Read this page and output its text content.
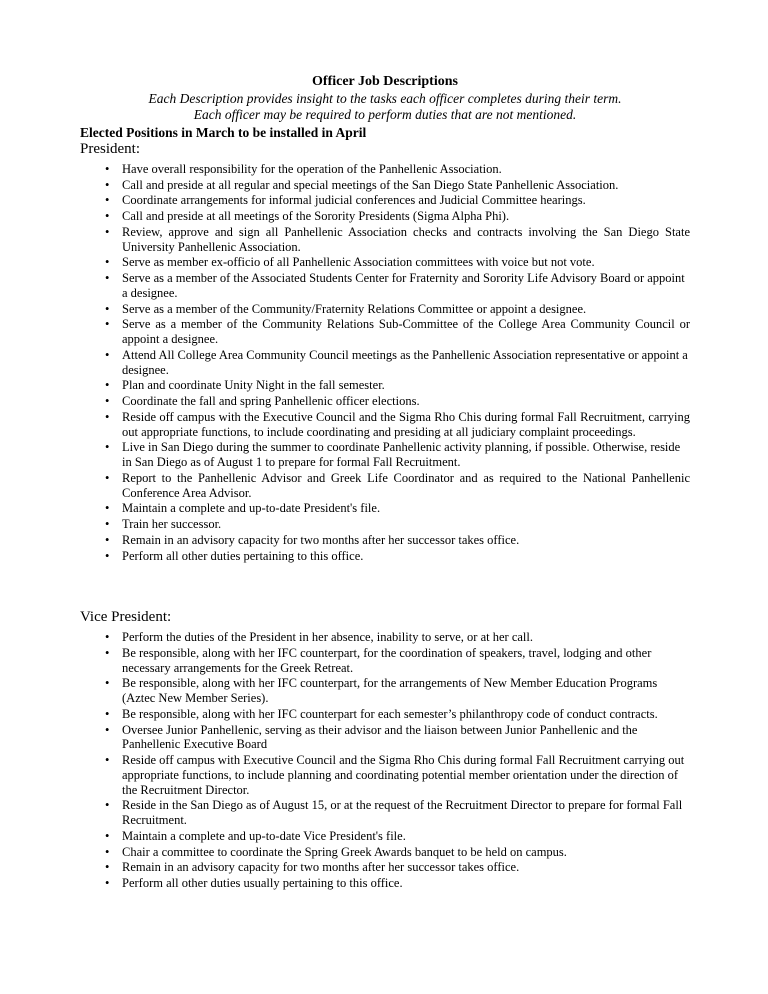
Officer Job Descriptions

Each Description provides insight to the tasks each officer completes during their term.

Each officer may be required to perform duties that are not mentioned.

Elected Positions in March to be installed in April
President:
• Have overall responsibility for the operation of the Panhellenic Association.
• Call and preside at all regular and special meetings of the San Diego State Panhellenic Association.
• Coordinate arrangements for informal judicial conferences and Judicial Committee hearings.
• Call and preside at all meetings of the Sorority Presidents (Sigma Alpha Phi).
• Review, approve and sign all Panhellenic Association checks and contracts involving the San Diego State University Panhellenic Association.
• Serve as member ex-officio of all Panhellenic Association committees with voice but not vote.
• Serve as a member of the Associated Students Center for Fraternity and Sorority Life Advisory Board or appoint a designee.
• Serve as a member of the Community/Fraternity Relations Committee or appoint a designee.
• Serve as a member of the Community Relations Sub-Committee of the College Area Community Council or appoint a designee.
• Attend All College Area Community Council meetings as the Panhellenic Association representative or appoint a designee.
• Plan and coordinate Unity Night in the fall semester.
• Coordinate the fall and spring Panhellenic officer elections.
• Reside off campus with the Executive Council and the Sigma Rho Chis during formal Fall Recruitment, carrying out appropriate functions, to include coordinating and presiding at all judiciary complaint proceedings.
• Live in San Diego during the summer to coordinate Panhellenic activity planning, if possible. Otherwise, reside in San Diego as of August 1 to prepare for formal Fall Recruitment.
• Report to the Panhellenic Advisor and Greek Life Coordinator and as required to the National Panhellenic Conference Area Advisor.
• Maintain a complete and up-to-date President's file.
• Train her successor.
• Remain in an advisory capacity for two months after her successor takes office.
• Perform all other duties pertaining to this office.
Vice President:
• Perform the duties of the President in her absence, inability to serve, or at her call.
• Be responsible, along with her IFC counterpart, for the coordination of speakers, travel, lodging and other necessary arrangements for the Greek Retreat.
• Be responsible, along with her IFC counterpart, for the arrangements of New Member Education Programs (Aztec New Member Series).
• Be responsible, along with her IFC counterpart for each semester’s philanthropy code of conduct contracts.
• Oversee Junior Panhellenic, serving as their advisor and the liaison between Junior Panhellenic and the Panhellenic Executive Board
• Reside off campus with Executive Council and the Sigma Rho Chis during formal Fall Recruitment carrying out appropriate functions, to include planning and coordinating potential member orientation under the direction of the Recruitment Director.
• Reside in the San Diego as of August 15, or at the request of the Recruitment Director to prepare for formal Fall Recruitment.
• Maintain a complete and up-to-date Vice President's file.
• Chair a committee to coordinate the Spring Greek Awards banquet to be held on campus.
• Remain in an advisory capacity for two months after her successor takes office.
• Perform all other duties usually pertaining to this office.
